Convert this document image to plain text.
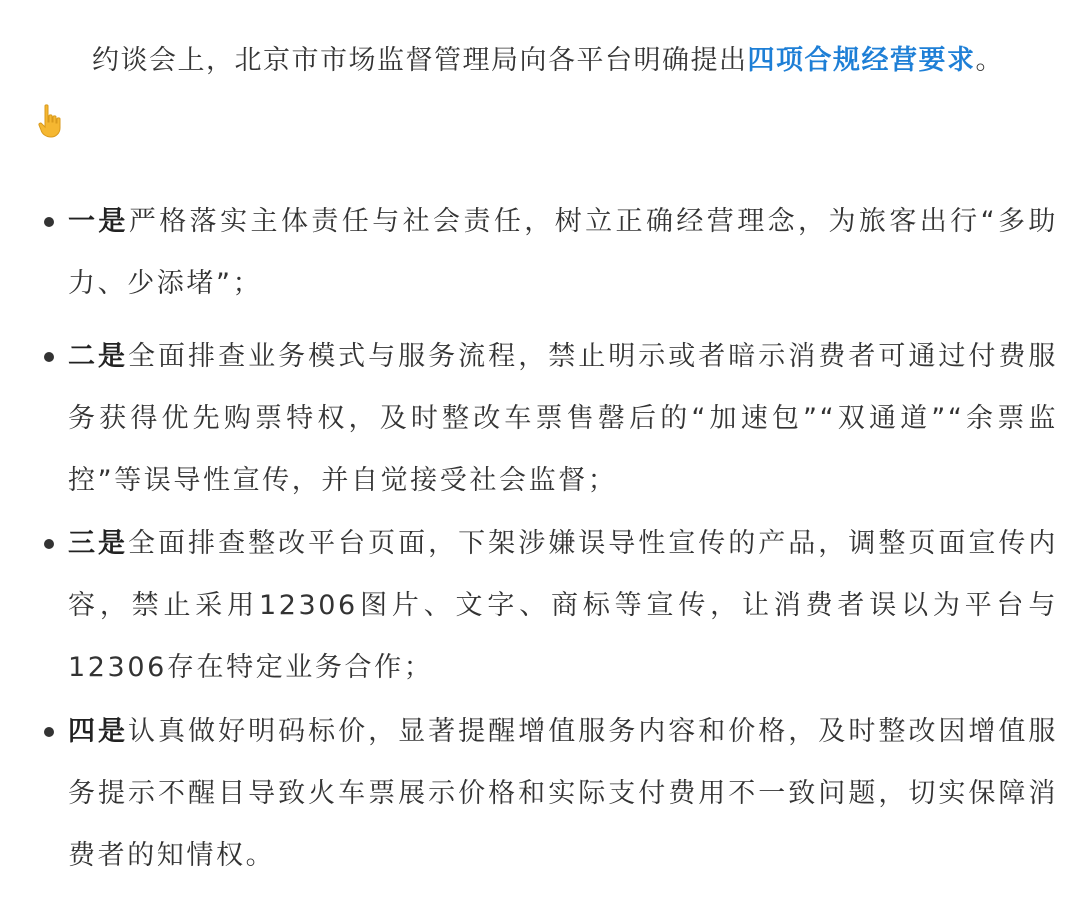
约谈会上，北京市市场监督管理局向各平台明确提出四项合规经营要求。
一是严格落实主体责任与社会责任，树立正确经营理念，为旅客出行“多助力、少添堵”；
二是全面排查业务模式与服务流程，禁止明示或者暗示消费者可通过付费服务获得优先购票特权，及时整改车票售罄后的“加速包”“双通道”“余票监控”等误导性宣传，并自觉接受社会监督；
三是全面排查整改平台页面，下架涉嫌误导性宣传的产品，调整页面宣传内容，禁止采用12306图片、文字、商标等宣传，让消费者误以为平台与12306存在特定业务合作；
四是认真做好明码标价，显著提醒增值服务内容和价格，及时整改因增值服务提示不醒目导致火车票展示价格和实际支付费用不一致问题，切实保障消费者的知情权。
